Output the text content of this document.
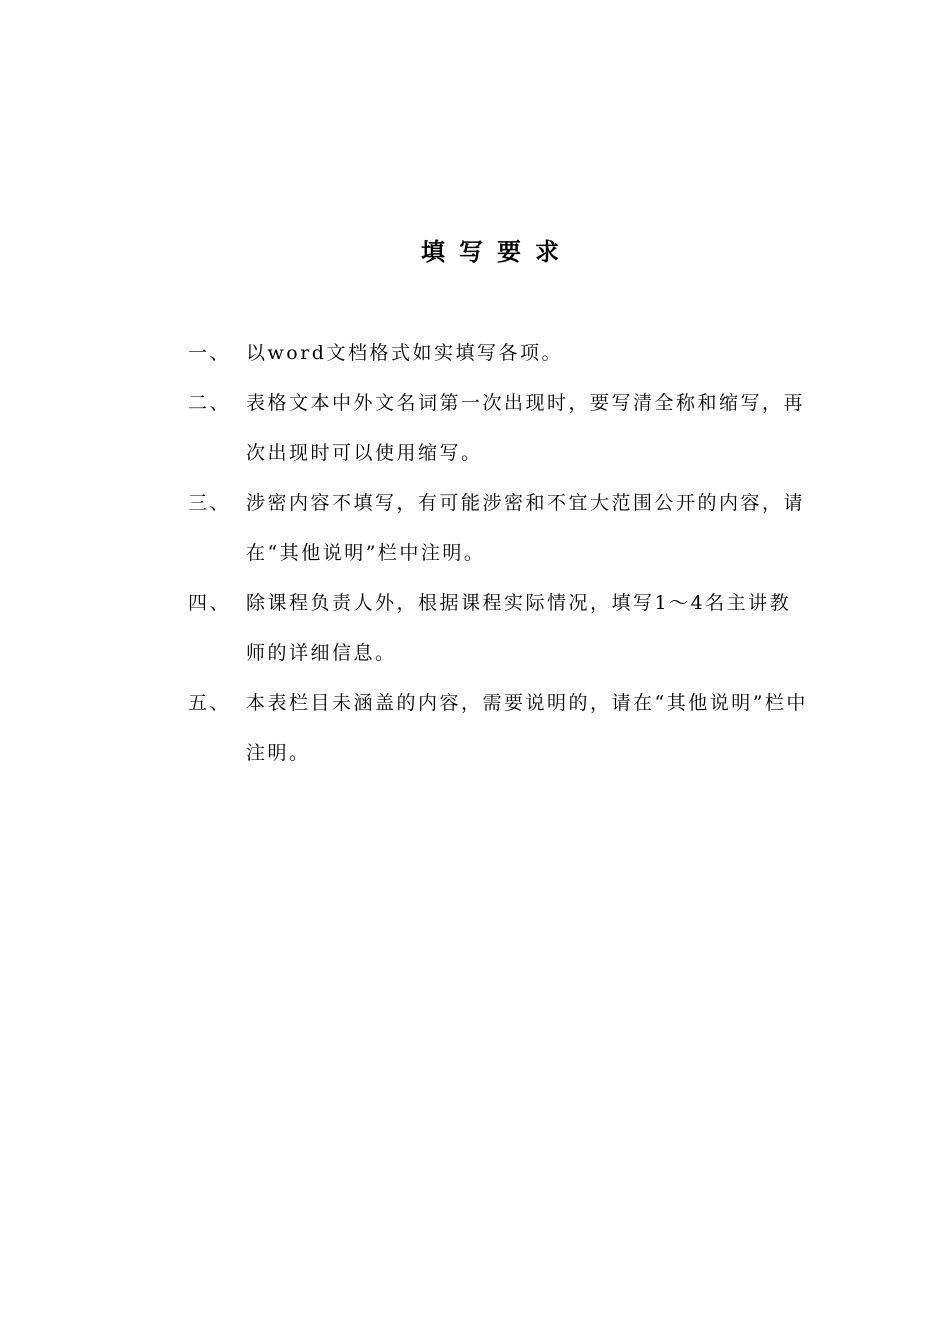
填写要求
一、 以word文档格式如实填写各项。
二、 表格文本中外文名词第一次出现时，要写清全称和缩写，再次出现时可以使用缩写。
三、 涉密内容不填写，有可能涉密和不宜大范围公开的内容，请在“其他说明”栏中注明。
四、 除课程负责人外，根据课程实际情况，填写1～4名主讲教师的详细信息。
五、 本表栏目未涵盖的内容，需要说明的，请在“其他说明”栏中注明。
